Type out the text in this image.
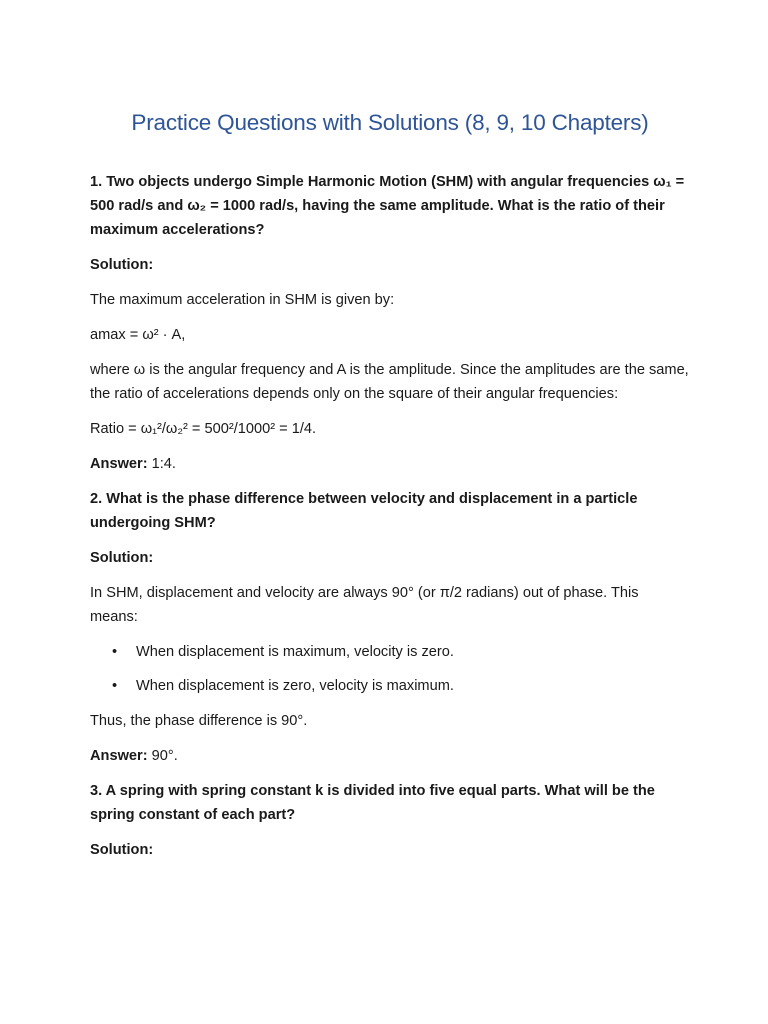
Practice Questions with Solutions (8, 9, 10 Chapters)

1. Two objects undergo Simple Harmonic Motion (SHM) with angular frequencies ω₁ = 500 rad/s and ω₂ = 1000 rad/s, having the same amplitude. What is the ratio of their maximum accelerations?

Solution:

The maximum acceleration in SHM is given by:

amax = ω² · A,

where ω is the angular frequency and A is the amplitude. Since the amplitudes are the same, the ratio of accelerations depends only on the square of their angular frequencies:

Ratio = ω₁²/ω₂² = 500²/1000² = 1/4.

Answer: 1:4.

2. What is the phase difference between velocity and displacement in a particle undergoing SHM?

Solution:

In SHM, displacement and velocity are always 90° (or π/2 radians) out of phase. This means:

• When displacement is maximum, velocity is zero.
• When displacement is zero, velocity is maximum.

Thus, the phase difference is 90°.

Answer: 90°.

3. A spring with spring constant k is divided into five equal parts. What will be the spring constant of each part?

Solution:
